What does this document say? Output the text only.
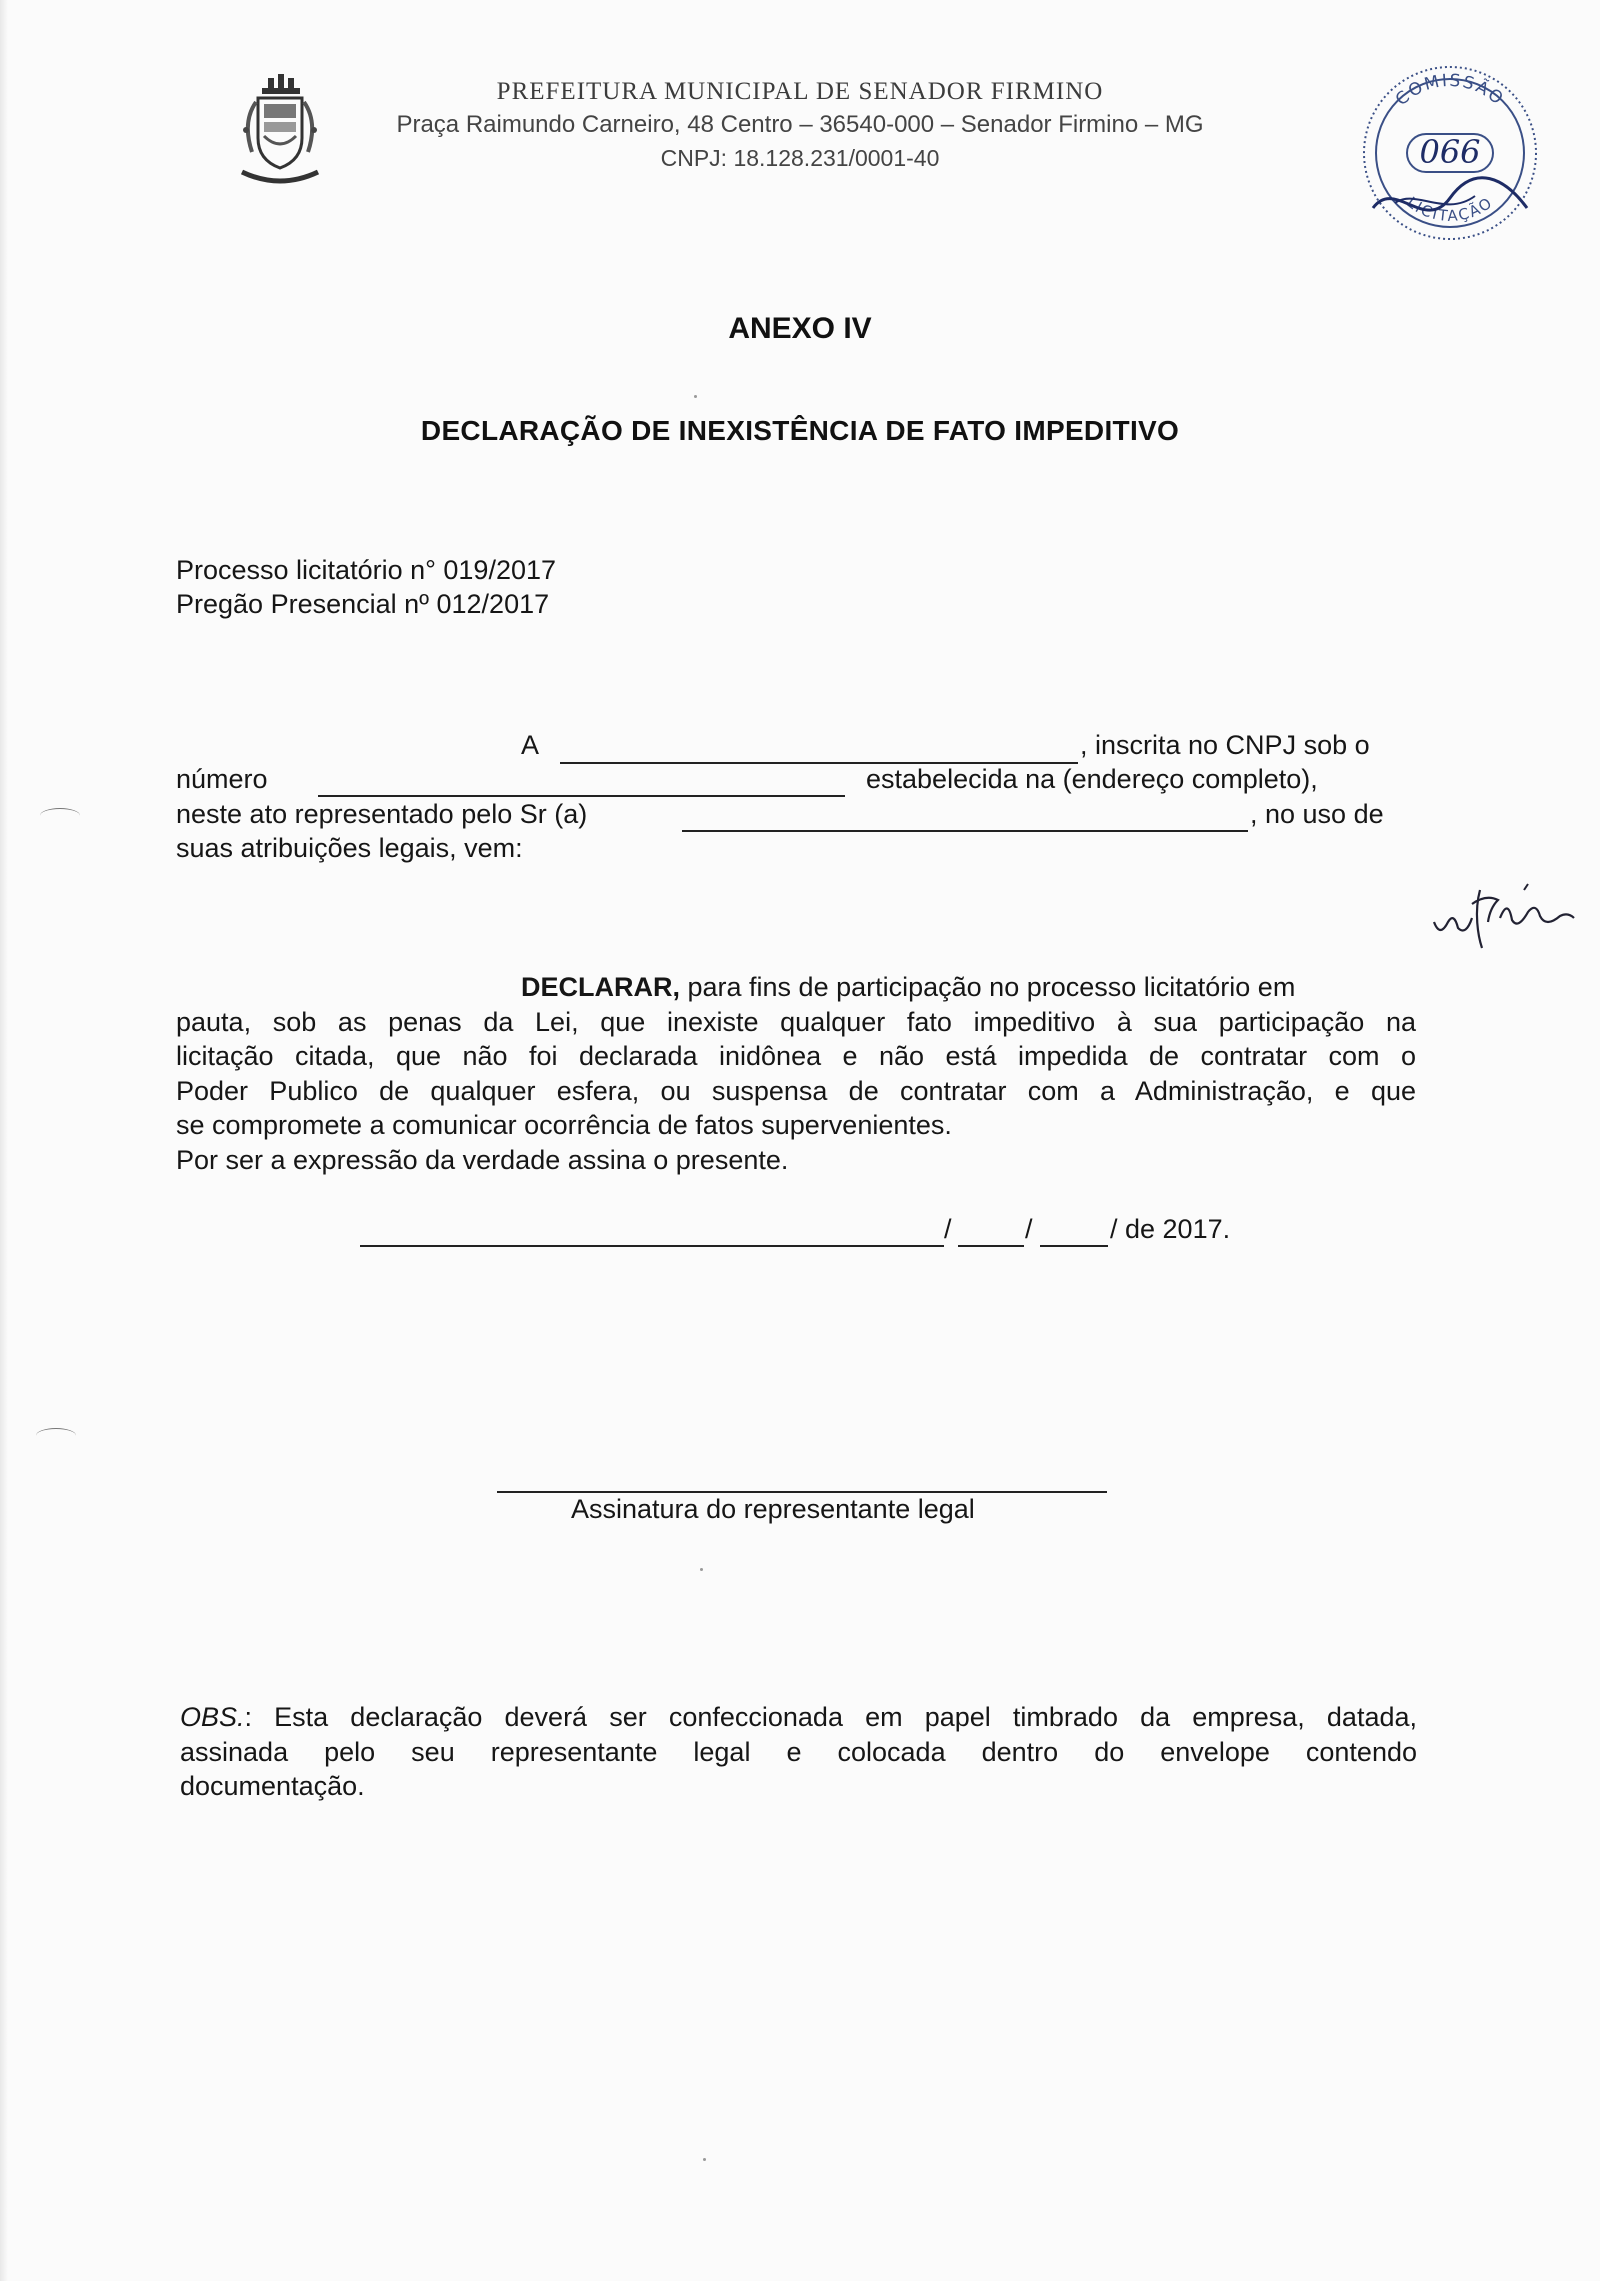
PREFEITURA MUNICIPAL DE SENADOR FIRMINO
Praça Raimundo Carneiro, 48 Centro – 36540-000 – Senador Firmino – MG
CNPJ: 18.128.231/0001-40
COMISSÃO
LICITAÇÃO
066
ANEXO IV
DECLARAÇÃO DE INEXISTÊNCIA DE FATO IMPEDITIVO
Processo licitatório n° 019/2017
Pregão Presencial nº 012/2017
A	, inscrita no CNPJ sob o
número	estabelecida na (endereço completo),
neste ato representado pelo Sr (a)	, no uso de
suas atribuições legais, vem:
DECLARAR, para fins de participação no processo licitatório em
pauta, sob as penas da Lei, que inexiste qualquer fato impeditivo à sua participação na
licitação citada, que não foi declarada inidônea e não está impedida de contratar com o
Poder Publico de qualquer esfera, ou suspensa de contratar com a Administração, e que
se compromete a comunicar ocorrência de fatos supervenientes.
Por ser a expressão da verdade assina o presente.
/	/	/ de 2017.
Assinatura do representante legal
OBS.: Esta declaração deverá ser confeccionada em papel timbrado da empresa, datada,
assinada pelo seu representante legal e colocada dentro do envelope contendo
documentação.
